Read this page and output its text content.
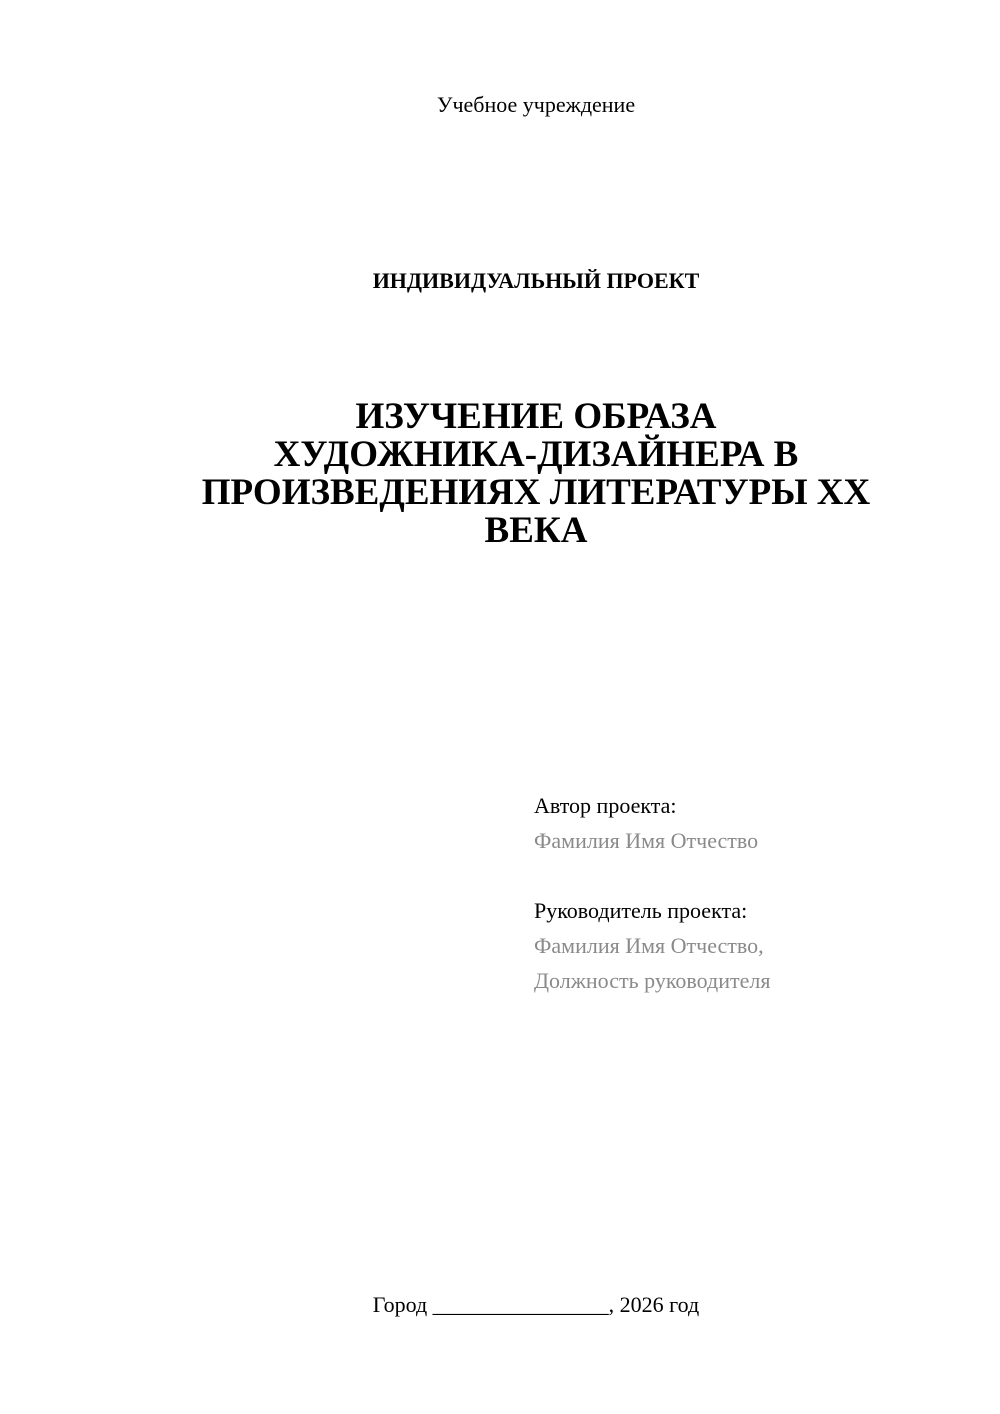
Учебное учреждение
ИНДИВИДУАЛЬНЫЙ ПРОЕКТ
ИЗУЧЕНИЕ ОБРАЗА
ХУДОЖНИКА-ДИЗАЙНЕРА В
ПРОИЗВЕДЕНИЯХ ЛИТЕРАТУРЫ XX
ВЕКА
Автор проекта:
Фамилия Имя Отчество
Руководитель проекта:
Фамилия Имя Отчество,
Должность руководителя
Город ________________, 2026 год
